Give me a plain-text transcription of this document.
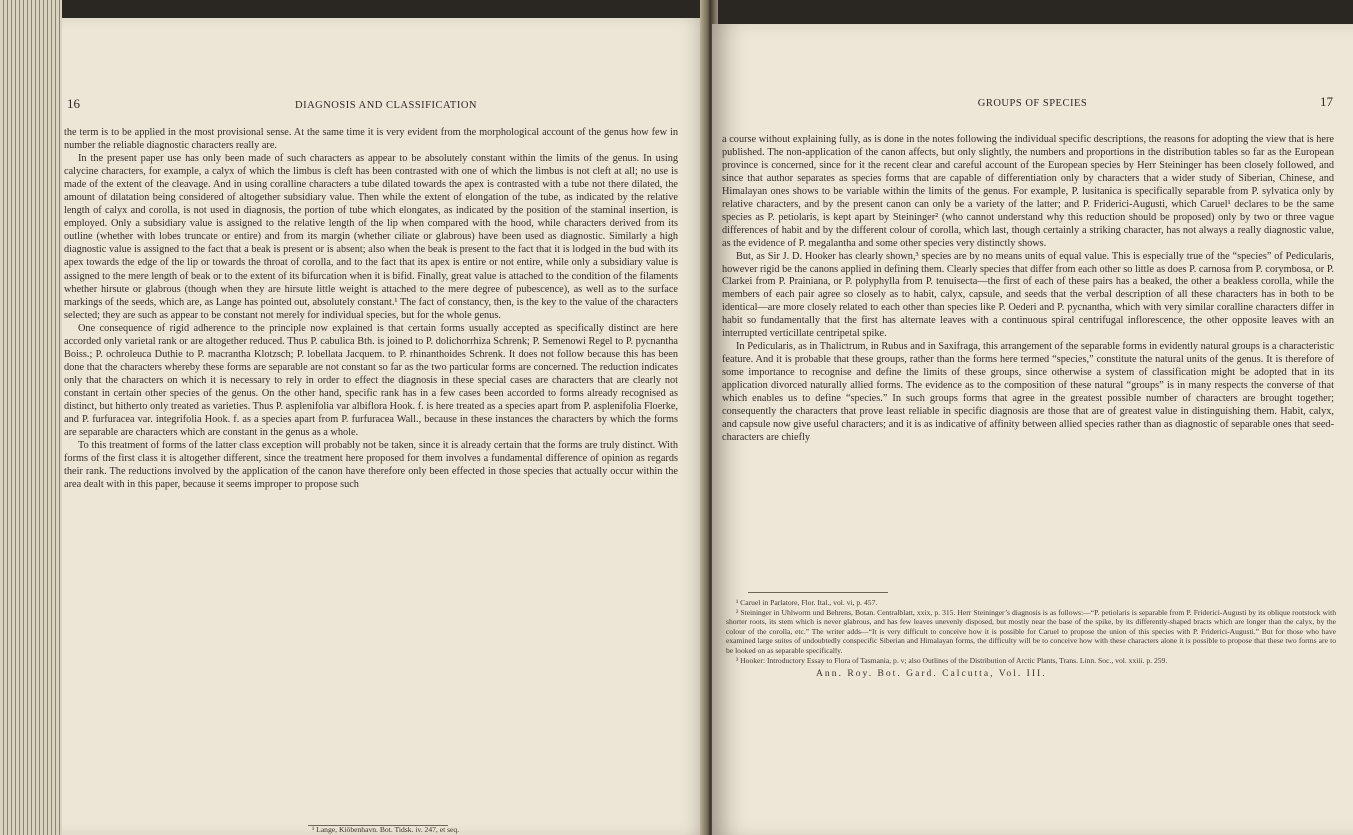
16	DIAGNOSIS AND CLASSIFICATION

the term is to be applied in the most provisional sense. At the same time it is very evident from the morphological account of the genus how few in number the reliable diagnostic characters really are.

In the present paper use has only been made of such characters as appear to be absolutely constant within the limits of the genus. In using calycine characters, for example, a calyx of which the limbus is cleft has been contrasted with one of which the limbus is not cleft at all; no use is made of the extent of the cleavage. And in using coralline characters a tube dilated towards the apex is contrasted with a tube not there dilated, the amount of dilatation being considered of altogether subsidiary value. Then while the extent of elongation of the tube, as indicated by the relative length of calyx and corolla, is not used in diagnosis, the portion of tube which elongates, as indicated by the position of the staminal insertion, is employed. Only a subsidiary value is assigned to the relative length of the lip when compared with the hood, while characters derived from its outline (whether with lobes truncate or entire) and from its margin (whether ciliate or glabrous) have been used as diagnostic. Similarly a high diagnostic value is assigned to the fact that a beak is present or is absent; also when the beak is present to the fact that it is lodged in the bud with its apex towards the edge of the lip or towards the throat of corolla, and to the fact that its apex is entire or not entire, while only a subsidiary value is assigned to the mere length of beak or to the extent of its bifurcation when it is bifid. Finally, great value is attached to the condition of the filaments whether hirsute or glabrous (though when they are hirsute little weight is attached to the mere degree of pubescence), as well as to the surface markings of the seeds, which are, as Lange has pointed out, absolutely constant.¹ The fact of constancy, then, is the key to the value of the characters selected; they are such as appear to be constant not merely for individual species, but for the whole genus.

One consequence of rigid adherence to the principle now explained is that certain forms usually accepted as specifically distinct are here accorded only varietal rank or are altogether reduced. Thus P. cabulica Bth. is joined to P. dolichorrhiza Schrenk; P. Semenowi Regel to P. pycnantha Boiss.; P. ochroleuca Duthie to P. macrantha Klotzsch; P. lobellata Jacquem. to P. rhinanthoides Schrenk. It does not follow because this has been done that the characters whereby these forms are separable are not constant so far as the two particular forms are concerned. The reduction indicates only that the characters on which it is necessary to rely in order to effect the diagnosis in these special cases are characters that are clearly not constant in certain other species of the genus. On the other hand, specific rank has in a few cases been accorded to forms already recognised as distinct, but hitherto only treated as varieties. Thus P. asplenifolia var albiflora Hook. f. is here treated as a species apart from P. asplenifolia Floerke, and P. furfuracea var. integrifolia Hook. f. as a species apart from P. furfuracea Wall., because in these instances the characters by which the forms are separable are characters which are constant in the genus as a whole.

To this treatment of forms of the latter class exception will probably not be taken, since it is already certain that the forms are truly distinct. With forms of the first class it is altogether different, since the treatment here proposed for them involves a fundamental difference of opinion as regards their rank. The reductions involved by the application of the canon have therefore only been effected in those species that actually occur within the area dealt with in this paper, because it seems improper to propose such

¹ Lange, Kiöbenhavn. Bot. Tidsk. iv. 247, et seq.

GROUPS OF SPECIES	17

a course without explaining fully, as is done in the notes following the individual specific descriptions, the reasons for adopting the view that is here published. The non-application of the canon affects, but only slightly, the numbers and proportions in the distribution tables so far as the European province is concerned, since for it the recent clear and careful account of the European species by Herr Steininger has been closely followed, and since that author separates as species forms that are capable of differentiation only by characters that a wider study of Siberian, Chinese, and Himalayan ones shows to be variable within the limits of the genus. For example, P. lusitanica is specifically separable from P. sylvatica only by relative characters, and by the present canon can only be a variety of the latter; and P. Friderici-Augusti, which Caruel¹ declares to be the same species as P. petiolaris, is kept apart by Steininger² (who cannot understand why this reduction should be proposed) only by two or three vague differences of habit and by the different colour of corolla, which last, though certainly a striking character, has not always a really diagnostic value, as the evidence of P. megalantha and some other species very distinctly shows.

But, as Sir J. D. Hooker has clearly shown,³ species are by no means units of equal value. This is especially true of the “species” of Pedicularis, however rigid be the canons applied in defining them. Clearly species that differ from each other so little as does P. carnosa from P. corymbosa, or P. Clarkei from P. Prainiana, or P. polyphylla from P. tenuisecta—the first of each of these pairs has a beaked, the other a beakless corolla, while the members of each pair agree so closely as to habit, calyx, capsule, and seeds that the verbal description of all these characters has in both to be identical—are more closely related to each other than species like P. Oederi and P. pycnantha, which with very similar coralline characters differ in habit so fundamentally that the first has alternate leaves with a continuous spiral centrifugal inflorescence, the other opposite leaves with an interrupted verticillate centripetal spike.

In Pedicularis, as in Thalictrum, in Rubus and in Saxifraga, this arrangement of the separable forms in evidently natural groups is a characteristic feature. And it is probable that these groups, rather than the forms here termed “species,” constitute the natural units of the genus. It is therefore of some importance to recognise and define the limits of these groups, since otherwise a system of classification might be adopted that in its application divorced naturally allied forms. The evidence as to the composition of these natural “groups” is in many respects the converse of that which enables us to define “species.” In such groups forms that agree in the greatest possible number of characters are brought together; consequently the characters that prove least reliable in specific diagnosis are those that are of greatest value in distinguishing them. Habit, calyx, and capsule now give useful characters; and it is as indicative of affinity between allied species rather than as diagnostic of separable ones that seed-characters are chiefly

¹ Caruel in Parlatore, Flor. Ital., vol. vi, p. 457.

² Steininger in Uhlworm und Behrens, Botan. Centralblatt, xxix, p. 315. Herr Steininger’s diagnosis is as follows:—“P. petiolaris is separable from P. Friderici-Augusti by its oblique rootstock with shorter roots, its stem which is never glabrous, and has few leaves unevenly disposed, but mostly near the base of the spike, by its differently-shaped bracts which are longer than the calyx, by the colour of the corolla, etc.” The writer adds—“It is very difficult to conceive how it is possible for Caruel to propose the union of this species with P. Friderici-Augusti.” But for those who have examined large suites of undoubtedly conspecific Siberian and Himalayan forms, the difficulty will be to conceive how with these characters alone it is possible to propose that these two forms are to be looked on as separable specifically.

³ Hooker: Introductory Essay to Flora of Tasmania, p. v; also Outlines of the Distribution of Arctic Plants, Trans. Linn. Soc., vol. xxiii. p. 259.

Ann. Roy. Bot. Gard. Calcutta, Vol. III.
